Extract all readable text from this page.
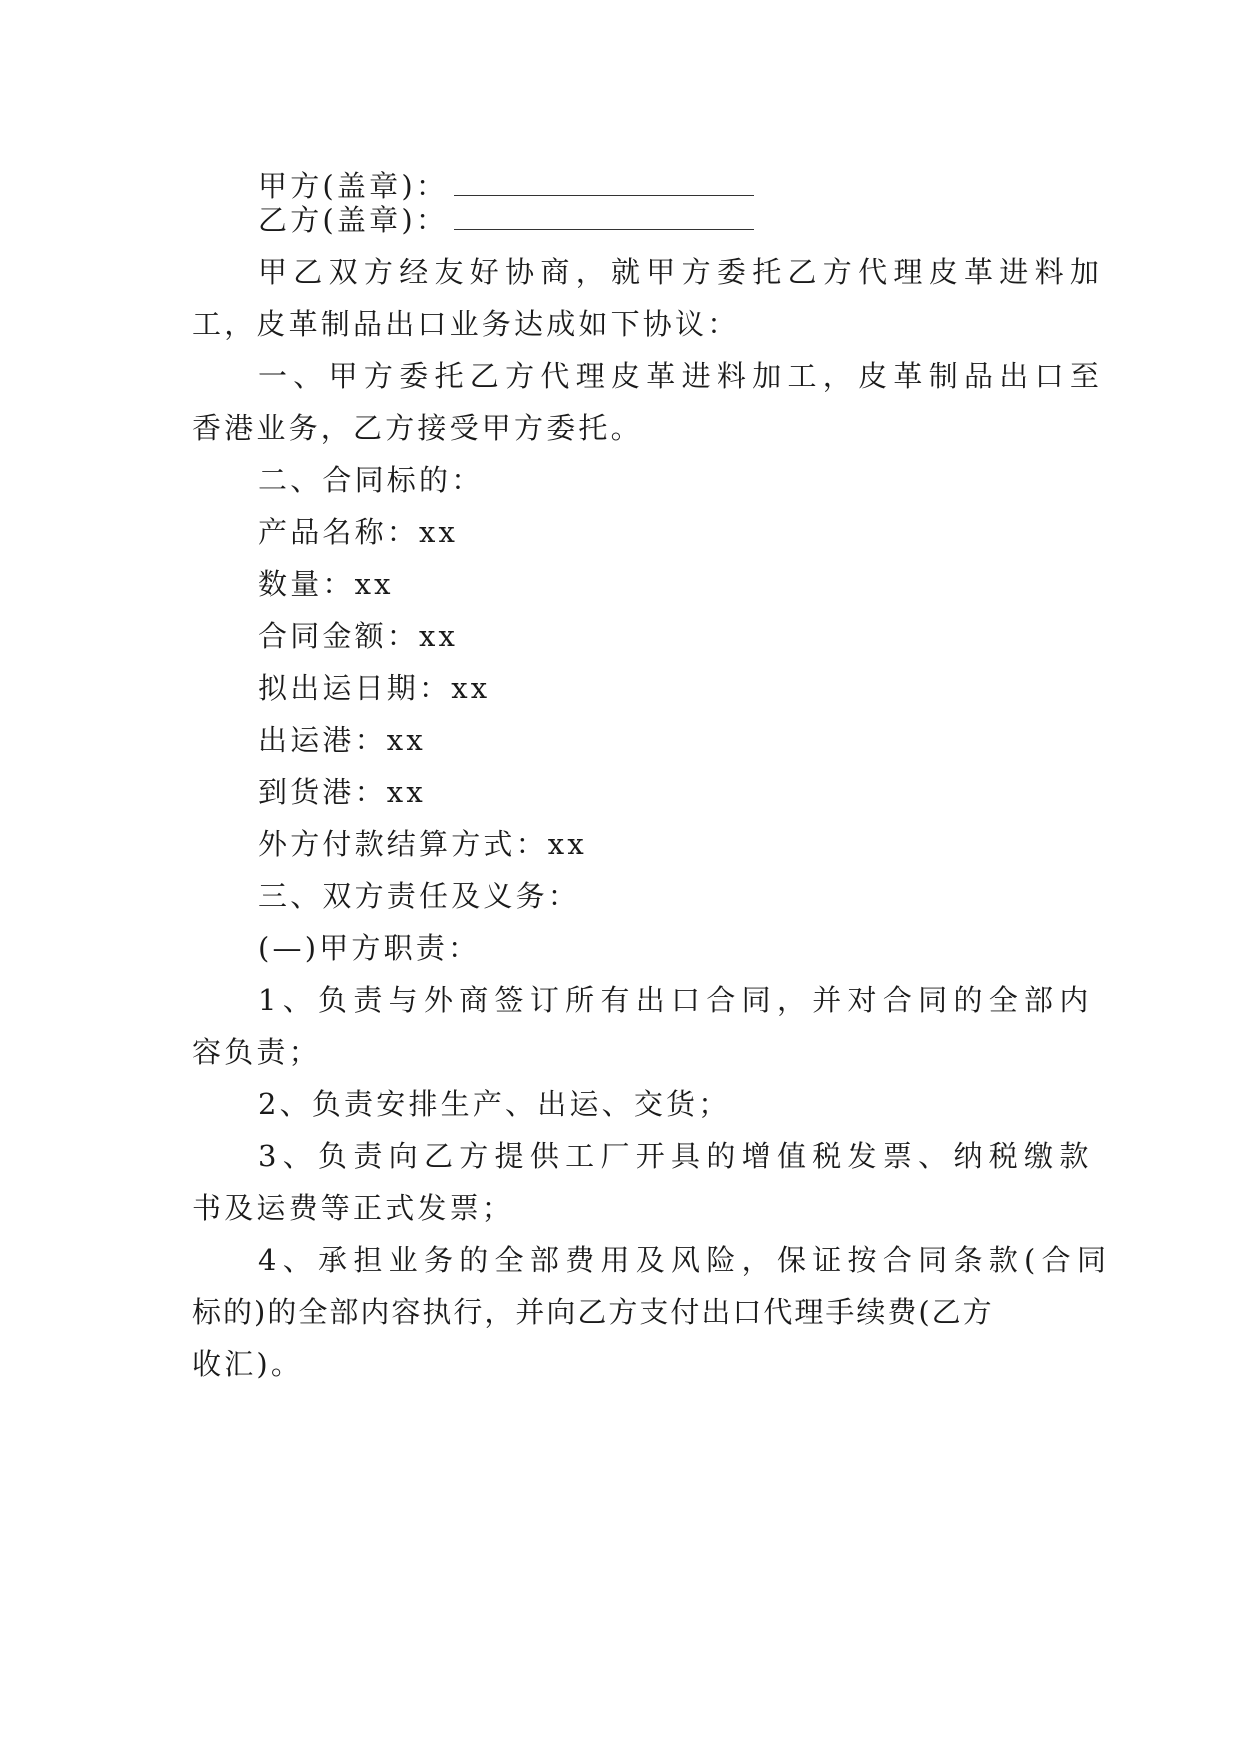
甲方(盖章)：
乙方(盖章)：
甲乙双方经友好协商，就甲方委托乙方代理皮革进料加
工，皮革制品出口业务达成如下协议：
一、甲方委托乙方代理皮革进料加工，皮革制品出口至
香港业务，乙方接受甲方委托。
二、合同标的：
产品名称：xx
数量：xx
合同金额：xx
拟出运日期：xx
出运港：xx
到货港：xx
外方付款结算方式：xx
三、双方责任及义务：
(—)甲方职责：
1、负责与外商签订所有出口合同，并对合同的全部内
容负责；
2、负责安排生产、出运、交货；
3、负责向乙方提供工厂开具的增值税发票、纳税缴款
书及运费等正式发票；
4、承担业务的全部费用及风险，保证按合同条款(合同
标的)的全部内容执行，并向乙方支付出口代理手续费(乙方
收汇)。
